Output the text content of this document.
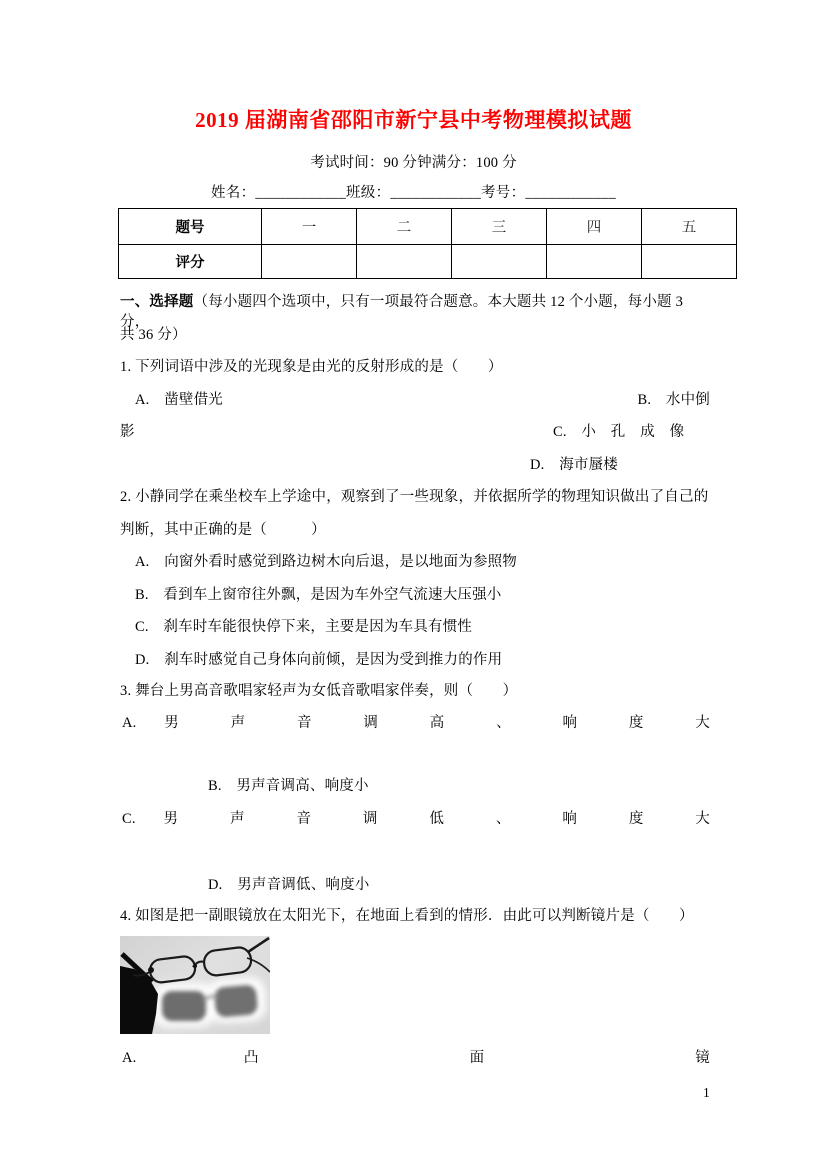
2019 届湖南省邵阳市新宁县中考物理模拟试题
考试时间：90 分钟满分：100 分
姓名：____________班级：____________考号：____________
题号	一	二	三	四	五
评分					
一、选择题（每小题四个选项中，只有一项最符合题意。本大题共 12 个小题，每小题 3 分，
共 36 分）
1. 下列词语中涉及的光现象是由光的反射形成的是（　　）
A.　凿壁借光	B.　水中倒
影	C.　小　孔　成　像
D.　海市蜃楼
2. 小静同学在乘坐校车上学途中，观察到了一些现象，并依据所学的物理知识做出了自己的
判断，其中正确的是（　　　）
A.　向窗外看时感觉到路边树木向后退，是以地面为参照物
B.　看到车上窗帘往外飘，是因为车外空气流速大压强小
C.　刹车时车能很快停下来，主要是因为车具有惯性
D.　刹车时感觉自己身体向前倾，是因为受到推力的作用
3. 舞台上男高音歌唱家轻声为女低音歌唱家伴奏，则（　　）
A. 男 声 音 调 高 、 响 度 大
B.　男声音调高、响度小
C. 男 声 音 调 低 、 响 度 大
D.　男声音调低、响度小
4. 如图是把一副眼镜放在太阳光下，在地面上看到的情形．由此可以判断镜片是（　　）
A. 凸 面 镜
1
